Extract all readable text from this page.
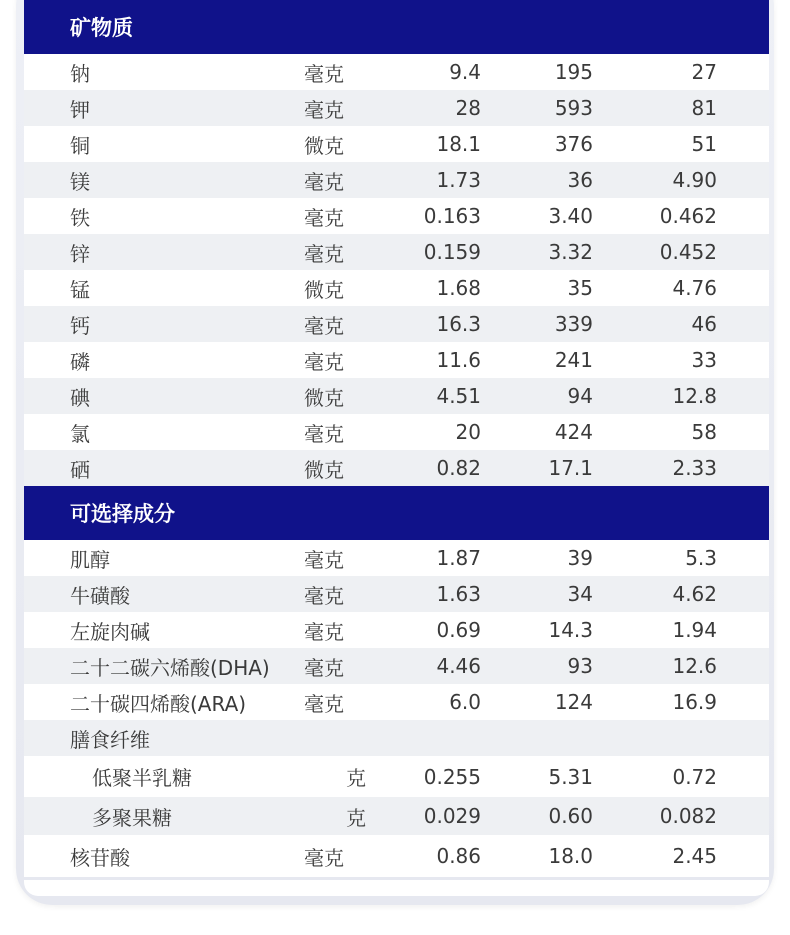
矿物质
钠	毫克	9.4	195	27
钾	毫克	28	593	81
铜	微克	18.1	376	51
镁	毫克	1.73	36	4.90
铁	毫克	0.163	3.40	0.462
锌	毫克	0.159	3.32	0.452
锰	微克	1.68	35	4.76
钙	毫克	16.3	339	46
磷	毫克	11.6	241	33
碘	微克	4.51	94	12.8
氯	毫克	20	424	58
硒	微克	0.82	17.1	2.33
可选择成分
肌醇	毫克	1.87	39	5.3
牛磺酸	毫克	1.63	34	4.62
左旋肉碱	毫克	0.69	14.3	1.94
二十二碳六烯酸(DHA)	毫克	4.46	93	12.6
二十碳四烯酸(ARA)	毫克	6.0	124	16.9
膳食纤维
低聚半乳糖	克	0.255	5.31	0.72
多聚果糖	克	0.029	0.60	0.082
核苷酸	毫克	0.86	18.0	2.45
